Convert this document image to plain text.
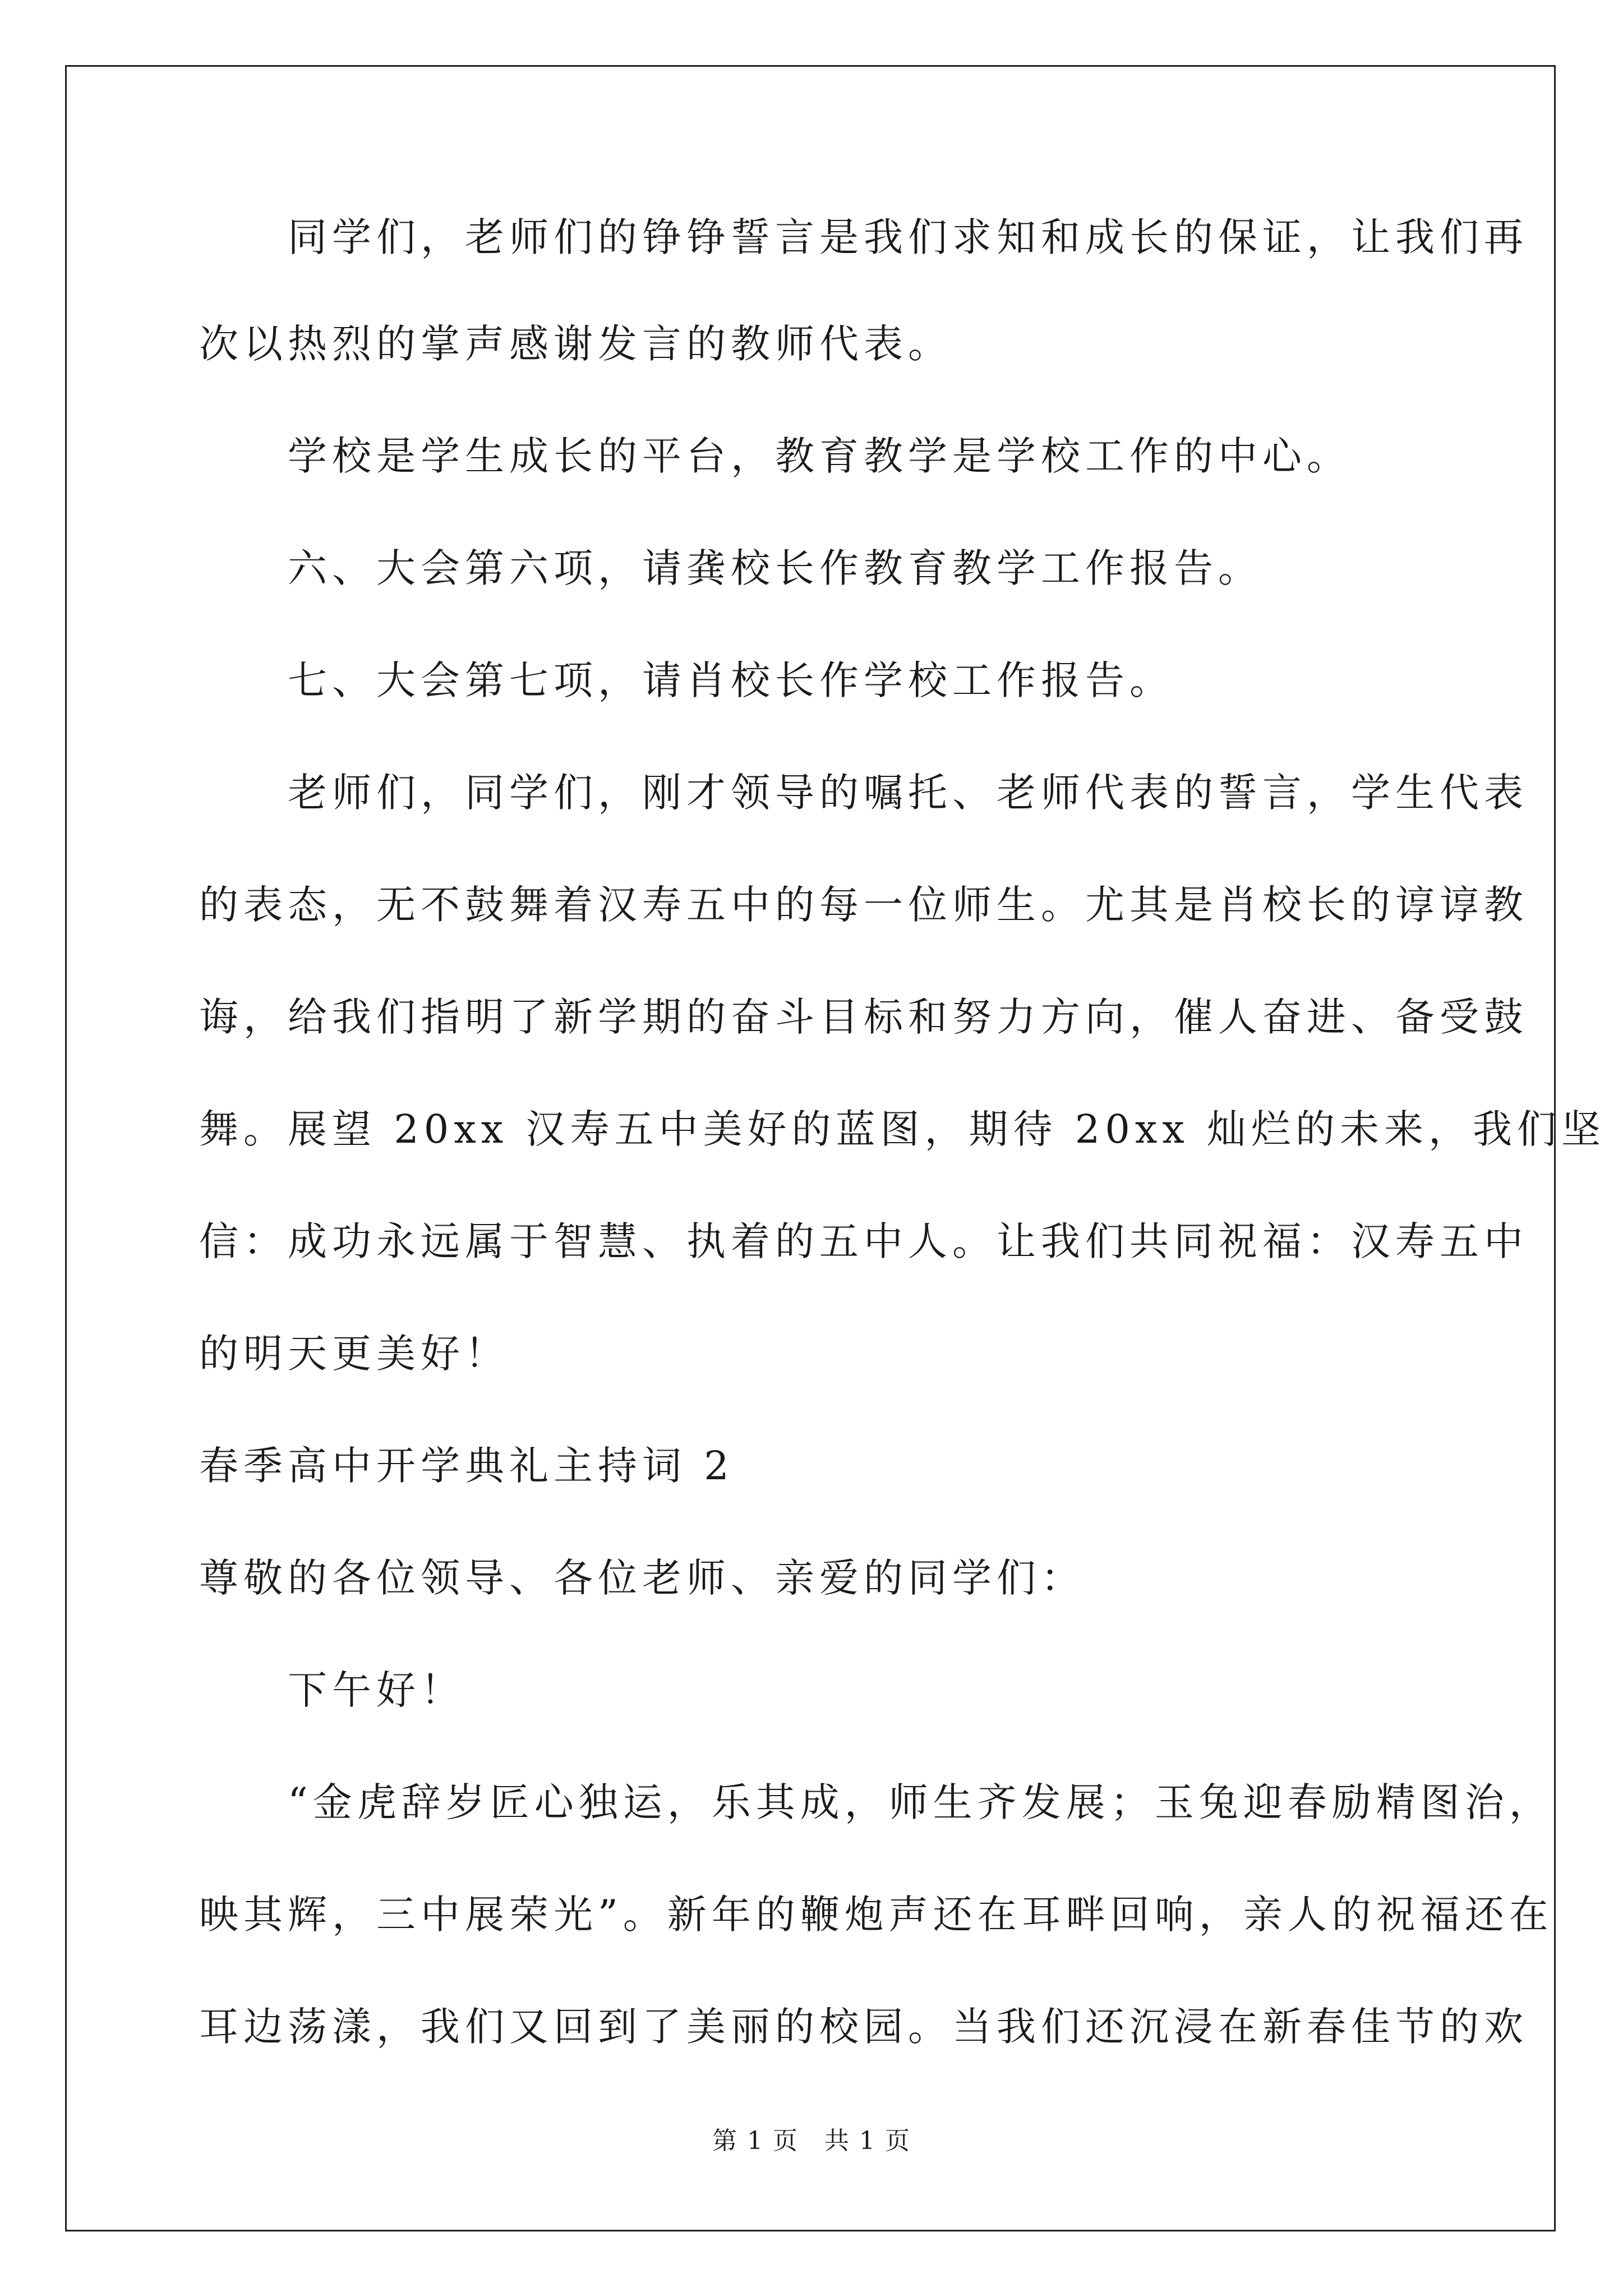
　　同学们，老师们的铮铮誓言是我们求知和成长的保证，让我们再
次以热烈的掌声感谢发言的教师代表。
　　学校是学生成长的平台，教育教学是学校工作的中心。
　　六、大会第六项，请龚校长作教育教学工作报告。
　　七、大会第七项，请肖校长作学校工作报告。
　　老师们，同学们，刚才领导的嘱托、老师代表的誓言，学生代表
的表态，无不鼓舞着汉寿五中的每一位师生。尤其是肖校长的谆谆教
诲，给我们指明了新学期的奋斗目标和努力方向，催人奋进、备受鼓
舞。展望 20xx 汉寿五中美好的蓝图，期待 20xx 灿烂的未来，我们坚
信：成功永远属于智慧、执着的五中人。让我们共同祝福：汉寿五中
的明天更美好！
春季高中开学典礼主持词 2
尊敬的各位领导、各位老师、亲爱的同学们：
　　下午好！
　　“金虎辞岁匠心独运，乐其成，师生齐发展；玉兔迎春励精图治，
映其辉，三中展荣光”。新年的鞭炮声还在耳畔回响，亲人的祝福还在
耳边荡漾，我们又回到了美丽的校园。当我们还沉浸在新春佳节的欢
第 1 页　共 1 页
